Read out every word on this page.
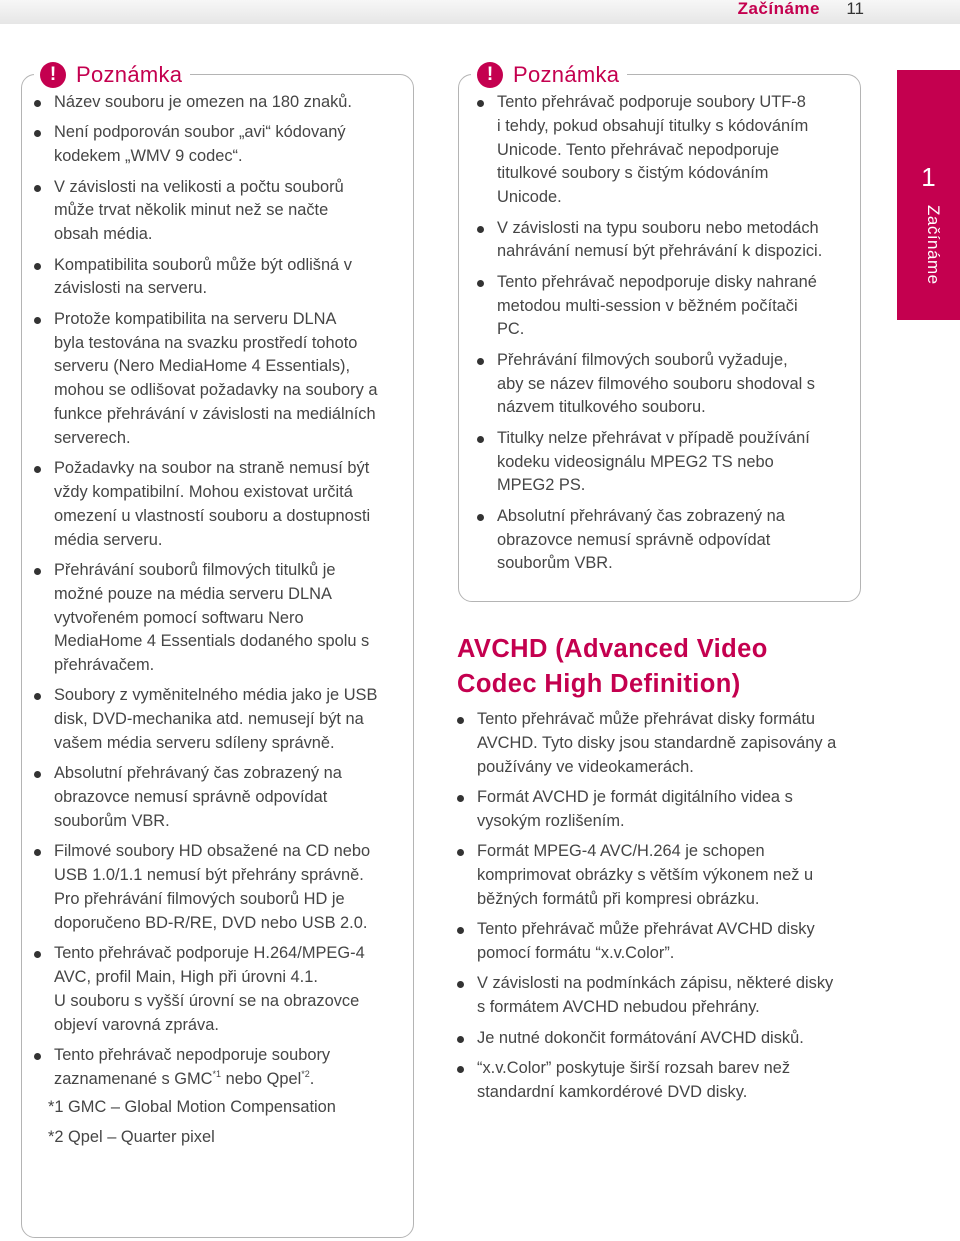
Začínáme 11
1
Začínáme
! Poznámka
Název souboru je omezen na 180 znaků.
Není podporován soubor „avi“ kódovaný
kodekem „WMV 9 codec“.
V závislosti na velikosti a počtu souborů
může trvat několik minut než se načte
obsah média.
Kompatibilita souborů může být odlišná v
závislosti na serveru.
Protože kompatibilita na serveru DLNA
byla testována na svazku prostředí tohoto
serveru (Nero MediaHome 4 Essentials),
mohou se odlišovat požadavky na soubory a
funkce přehrávání v závislosti na mediálních
serverech.
Požadavky na soubor na straně nemusí být
vždy kompatibilní. Mohou existovat určitá
omezení u vlastností souboru a dostupnosti
média serveru.
Přehrávání souborů filmových titulků je
možné pouze na média serveru DLNA
vytvořeném pomocí softwaru Nero
MediaHome 4 Essentials dodaného spolu s
přehrávačem.
Soubory z vyměnitelného média jako je USB
disk, DVD-mechanika atd. nemusejí být na
vašem média serveru sdíleny správně.
Absolutní přehrávaný čas zobrazený na
obrazovce nemusí správně odpovídat
souborům VBR.
Filmové soubory HD obsažené na CD nebo
USB 1.0/1.1 nemusí být přehrány správně.
Pro přehrávání filmových souborů HD je
doporučeno BD-R/RE, DVD nebo USB 2.0.
Tento přehrávač podporuje H.264/MPEG-4
AVC, profil Main, High při úrovni 4.1.
U souboru s vyšší úrovní se na obrazovce
objeví varovná zpráva.
Tento přehrávač nepodporuje soubory
zaznamenané s GMC$^{*1}$ nebo Qpel$^{*2}$.
*1 GMC – Global Motion Compensation
*2 Qpel – Quarter pixel
! Poznámka
Tento přehrávač podporuje soubory UTF-8
i tehdy, pokud obsahují titulky s kódováním
Unicode. Tento přehrávač nepodporuje
titulkové soubory s čistým kódováním
Unicode.
V závislosti na typu souboru nebo metodách
nahrávání nemusí být přehrávání k dispozici.
Tento přehrávač nepodporuje disky nahrané
metodou multi-session v běžném počítači
PC.
Přehrávání filmových souborů vyžaduje,
aby se název filmového souboru shodoval s
názvem titulkového souboru.
Titulky nelze přehrávat v případě používání
kodeku videosignálu MPEG2 TS nebo
MPEG2 PS.
Absolutní přehrávaný čas zobrazený na
obrazovce nemusí správně odpovídat
souborům VBR.
AVCHD (Advanced Video
Codec High Definition)
Tento přehrávač může přehrávat disky formátu
AVCHD. Tyto disky jsou standardně zapisovány a
používány ve videokamerách.
Formát AVCHD je formát digitálního videa s
vysokým rozlišením.
Formát MPEG-4 AVC/H.264 je schopen
komprimovat obrázky s větším výkonem než u
běžných formátů při kompresi obrázku.
Tento přehrávač může přehrávat AVCHD disky
pomocí formátu “x.v.Color”.
V závislosti na podmínkách zápisu, některé disky
s formátem AVCHD nebudou přehrány.
Je nutné dokončit formátování AVCHD disků.
“x.v.Color” poskytuje širší rozsah barev než
standardní kamkordérové DVD disky.
